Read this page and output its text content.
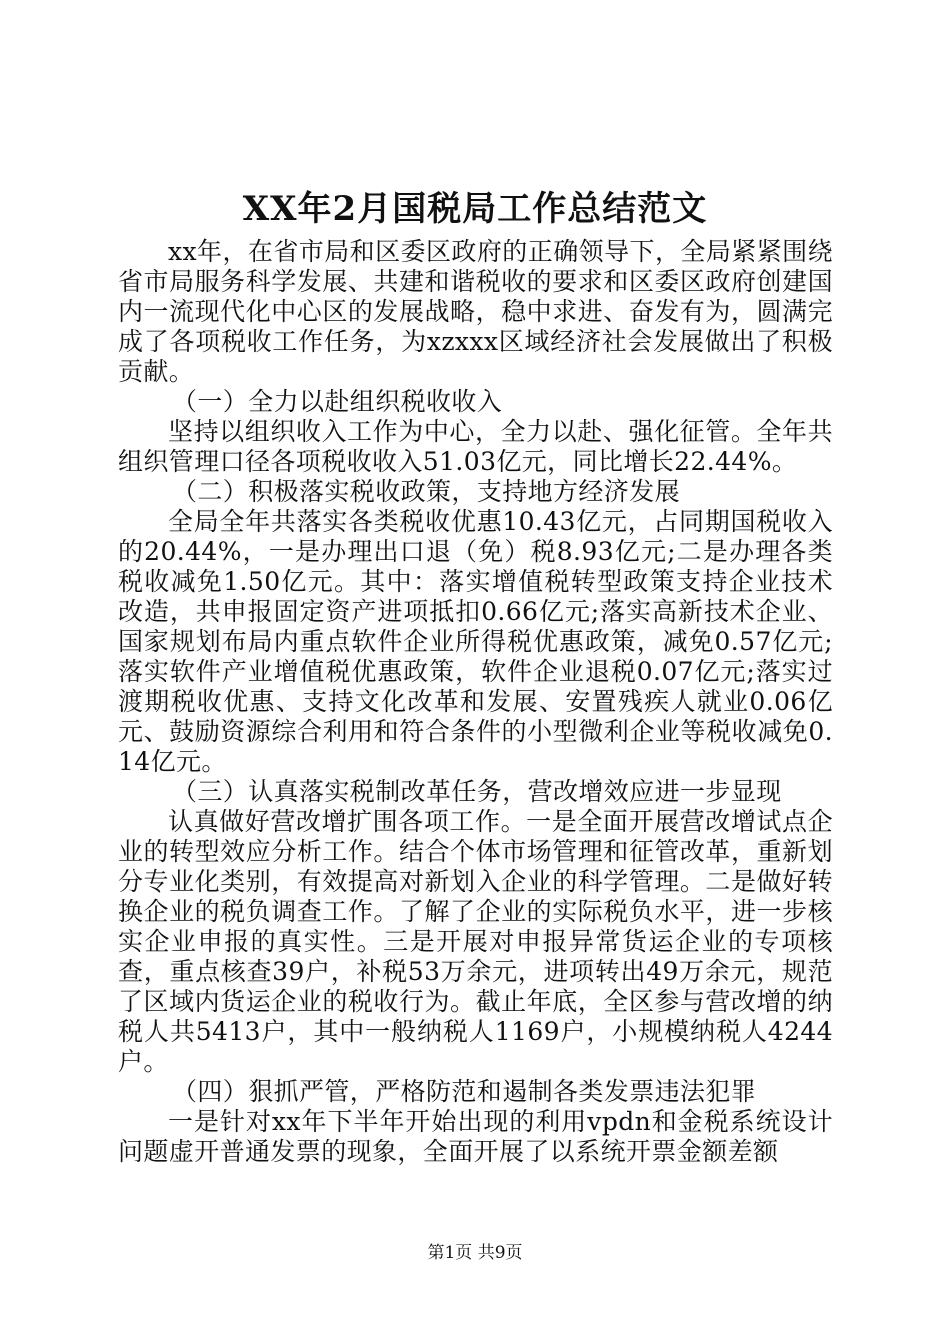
XX年2月国税局工作总结范文

xx年，在省市局和区委区政府的正确领导下，全局紧紧围绕省市局服务科学发展、共建和谐税收的要求和区委区政府创建国内一流现代化中心区的发展战略，稳中求进、奋发有为，圆满完成了各项税收工作任务，为xzxxx区域经济社会发展做出了积极贡献。

（一）全力以赴组织税收收入

坚持以组织收入工作为中心，全力以赴、强化征管。全年共组织管理口径各项税收收入51.03亿元，同比增长22.44%。

（二）积极落实税收政策，支持地方经济发展

全局全年共落实各类税收优惠10.43亿元，占同期国税收入的20.44%，一是办理出口退（免）税8.93亿元;二是办理各类税收减免1.50亿元。其中：落实增值税转型政策支持企业技术改造，共申报固定资产进项抵扣0.66亿元;落实高新技术企业、国家规划布局内重点软件企业所得税优惠政策，减免0.57亿元;落实软件产业增值税优惠政策，软件企业退税0.07亿元;落实过渡期税收优惠、支持文化改革和发展、安置残疾人就业0.06亿元、鼓励资源综合利用和符合条件的小型微利企业等税收减免0.14亿元。

（三）认真落实税制改革任务，营改增效应进一步显现

认真做好营改增扩围各项工作。一是全面开展营改增试点企业的转型效应分析工作。结合个体市场管理和征管改革，重新划分专业化类别，有效提高对新划入企业的科学管理。二是做好转换企业的税负调查工作。了解了企业的实际税负水平，进一步核实企业申报的真实性。三是开展对申报异常货运企业的专项核查，重点核查39户，补税53万余元，进项转出49万余元，规范了区域内货运企业的税收行为。截止年底，全区参与营改增的纳税人共5413户，其中一般纳税人1169户，小规模纳税人4244户。

（四）狠抓严管，严格防范和遏制各类发票违法犯罪

一是针对xx年下半年开始出现的利用vpdn和金税系统设计问题虚开普通发票的现象，全面开展了以系统开票金额差额

第1页 共9页
